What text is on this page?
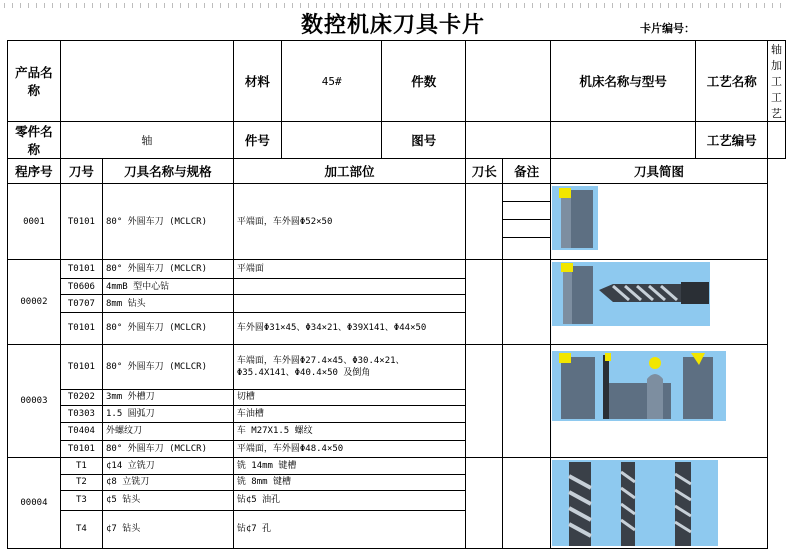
数控机床刀具卡片	卡片编号：
产品名称			材料	45#	件数			机床名称与型号	工艺名称	轴加工工艺
零件名称	轴		件号		图号				工艺编号	
程序号	刀号	刀具名称与规格	加工部位			刀长	备注	刀具简图		
0001	T0101	80° 外圆车刀 (MCLCR)	平端面，车外圆Φ52×50		

00002	T0101	80° 外圆车刀 (MCLCR)	平端面			

	T0606	4mmB 型中心钻								
	T0707	8mm 钻头								
	T0101	80° 外圆车刀 (MCLCR)	车外圆Φ31×45、Φ34×21、Φ39X141、Φ44×50							
00003	T0101	80° 外圆车刀 (MCLCR)	车端面，车外圆Φ27.4×45、Φ30.4×21、Φ35.4X141、Φ40.4×50 及倒角			

	T0202	3mm 外槽刀	切槽							
	T0303	1.5 圆弧刀	车油槽							
	T0404	外螺纹刀	车 M27X1.5 螺纹							
	T0101	80° 外圆车刀 (MCLCR)	平端面，车外圆Φ48.4×50							
00004	T1	¢14 立铣刀	铣 14mm 键槽			

	T2	¢8 立铣刀	铣 8mm 键槽							
	T3	¢5 钻头	钻¢5 油孔							
	T4	¢7 钻头	钻¢7 孔							
